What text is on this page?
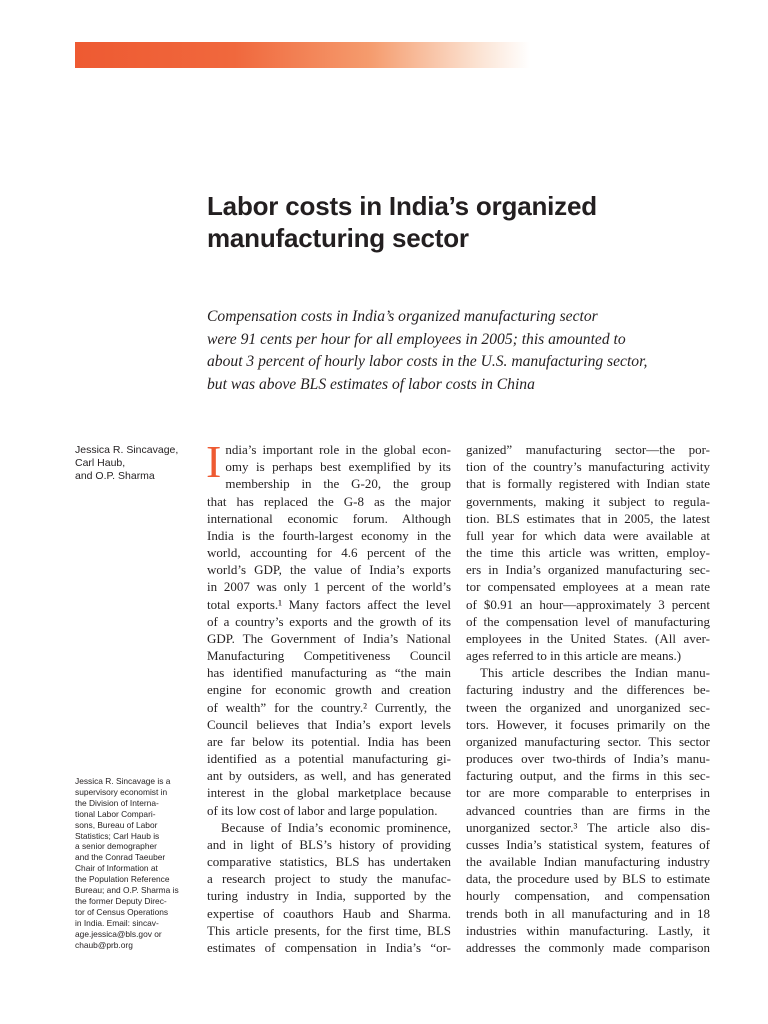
Labor costs in India’s organized
manufacturing sector

Compensation costs in India’s organized manufacturing sector
were 91 cents per hour for all employees in 2005; this amounted to
about 3 percent of hourly labor costs in the U.S. manufacturing sector,
but was above BLS estimates of labor costs in China

Jessica R. Sincavage,
Carl Haub,
and O.P. Sharma
Jessica R. Sincavage is a
supervisory economist in
the Division of Interna-
tional Labor Compari-
sons, Bureau of Labor
Statistics; Carl Haub is
a senior demographer
and the Conrad Taeuber
Chair of Information at
the Population Reference
Bureau; and O.P. Sharma is
the former Deputy Direc-
tor of Census Operations
in India. Email: sincav-
age.jessica@bls.gov or
chaub@prb.org
I ndia’s important role in the global econ-
omy is perhaps best exemplified by its
membership in the G-20, the group
that has replaced the G-8 as the major
international economic forum. Although
India is the fourth-largest economy in the
world, accounting for 4.6 percent of the
world’s GDP, the value of India’s exports
in 2007 was only 1 percent of the world’s
total exports.¹ Many factors affect the level
of a country’s exports and the growth of its
GDP. The Government of India’s National
Manufacturing Competitiveness Council
has identified manufacturing as “the main
engine for economic growth and creation
of wealth” for the country.² Currently, the
Council believes that India’s export levels
are far below its potential. India has been
identified as a potential manufacturing gi-
ant by outsiders, as well, and has generated
interest in the global marketplace because
of its low cost of labor and large population.
Because of India’s economic prominence,
and in light of BLS’s history of providing
comparative statistics, BLS has undertaken
a research project to study the manufac-
turing industry in India, supported by the
expertise of coauthors Haub and Sharma.
This article presents, for the first time, BLS
estimates of compensation in India’s “or-
ganized” manufacturing sector—the por-
tion of the country’s manufacturing activity
that is formally registered with Indian state
governments, making it subject to regula-
tion. BLS estimates that in 2005, the latest
full year for which data were available at
the time this article was written, employ-
ers in India’s organized manufacturing sec-
tor compensated employees at a mean rate
of $0.91 an hour—approximately 3 percent
of the compensation level of manufacturing
employees in the United States. (All aver-
ages referred to in this article are means.)
This article describes the Indian manu-
facturing industry and the differences be-
tween the organized and unorganized sec-
tors. However, it focuses primarily on the
organized manufacturing sector. This sector
produces over two-thirds of India’s manu-
facturing output, and the firms in this sec-
tor are more comparable to enterprises in
advanced countries than are firms in the
unorganized sector.³ The article also dis-
cusses India’s statistical system, features of
the available Indian manufacturing industry
data, the procedure used by BLS to estimate
hourly compensation, and compensation
trends both in all manufacturing and in 18
industries within manufacturing. Lastly, it
addresses the commonly made comparison
